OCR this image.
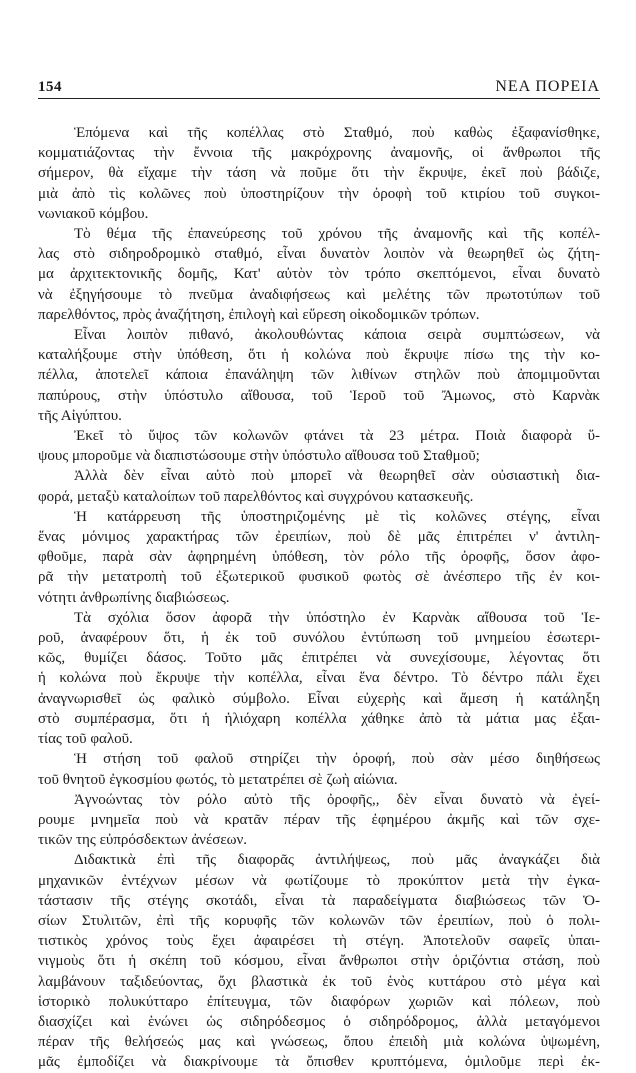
154	ΝΕΑ ΠΟΡΕΙΑ
Ἑπόμενα καὶ τῆς κοπέλλας στὸ Σταθμό, ποὺ καθὼς ἐξαφανίσθηκε,
κομματιάζοντας τὴν ἔννοια τῆς μακρόχρονης ἀναμονῆς, οἱ ἄνθρωποι τῆς
σήμερον, θὰ εἴχαμε τὴν τάση νὰ ποῦμε ὅτι τὴν ἔκρυψε, ἐκεῖ ποὺ βάδιζε,
μιὰ ἀπὸ τὶς κολῶνες ποὺ ὑποστηρίζουν τὴν ὀροφὴ τοῦ κτιρίου τοῦ συγκοι-
νωνιακοῦ κόμβου.
Τὸ θέμα τῆς ἐπανεύρεσης τοῦ χρόνου τῆς ἀναμονῆς καὶ τῆς κοπέλ-
λας στὸ σιδηροδρομικὸ σταθμό, εἶναι δυνατὸν λοιπὸν νὰ θεωρηθεῖ ὡς ζήτη-
μα ἀρχιτεκτονικῆς δομῆς, Κατ' αὐτὸν τὸν τρόπο σκεπτόμενοι, εἶναι δυνατὸ
νὰ ἐξηγήσουμε τὸ πνεῦμα ἀναδιφήσεως καὶ μελέτης τῶν πρωτοτύπων τοῦ
παρελθόντος, πρὸς ἀναζήτηση, ἐπιλογὴ καὶ εὕρεση οἰκοδομικῶν τρόπων.
Εἶναι λοιπὸν πιθανό, ἀκολουθώντας κάποια σειρὰ συμπτώσεων, νὰ
καταλήξουμε στὴν ὑπόθεση, ὅτι ἡ κολώνα ποὺ ἔκρυψε πίσω της τὴν κο-
πέλλα, ἀποτελεῖ κάποια ἐπανάληψη τῶν λιθίνων στηλῶν ποὺ ἀπομιμοῦνται
παπύρους, στὴν ὑπόστυλο αἴθουσα, τοῦ Ἱεροῦ τοῦ Ἄμωνος, στὸ Καρνὰκ
τῆς Αἰγύπτου.
Ἐκεῖ τὸ ὕψος τῶν κολωνῶν φτάνει τὰ 23 μέτρα. Ποιὰ διαφορὰ ὕ-
ψους μποροῦμε νὰ διαπιστώσουμε στὴν ὑπόστυλο αἴθουσα τοῦ Σταθμοῦ;
Ἀλλὰ δὲν εἶναι αὐτὸ ποὺ μπορεῖ νὰ θεωρηθεῖ σὰν οὐσιαστικὴ δια-
φορά, μεταξὺ καταλοίπων τοῦ παρελθόντος καὶ συγχρόνου κατασκευῆς.
Ἡ κατάρρευση τῆς ὑποστηριζομένης μὲ τὶς κολῶνες στέγης, εἶναι
ἕνας μόνιμος χαρακτήρας τῶν ἐρειπίων, ποὺ δὲ μᾶς ἐπιτρέπει ν' ἀντιλη-
φθοῦμε, παρὰ σὰν ἀφηρημένη ὑπόθεση, τὸν ρόλο τῆς ὀροφῆς, ὅσον ἀφο-
ρᾶ τὴν μετατροπὴ τοῦ ἐξωτερικοῦ φυσικοῦ φωτὸς σὲ ἀνέσπερο τῆς ἐν κοι-
νότητι ἀνθρωπίνης διαβιώσεως.
Τὰ σχόλια ὅσον ἀφορᾶ τὴν ὑπόστηλο ἐν Καρνὰκ αἴθουσα τοῦ Ἱε-
ροῦ, ἀναφέρουν ὅτι, ἡ ἐκ τοῦ συνόλου ἐντύπωση τοῦ μνημείου ἐσωτερι-
κῶς, θυμίζει δάσος. Τοῦτο μᾶς ἐπιτρέπει νὰ συνεχίσουμε, λέγοντας ὅτι
ἡ κολώνα ποὺ ἔκρυψε τὴν κοπέλλα, εἶναι ἕνα δέντρο. Τὸ δέντρο πάλι ἔχει
ἀναγνωρισθεῖ ὡς φαλικὸ σύμβολο. Εἶναι εὐχερὴς καὶ ἄμεση ἡ κατάληξη
στὸ συμπέρασμα, ὅτι ἡ ἡλιόχαρη κοπέλλα χάθηκε ἀπὸ τὰ μάτια μας ἐξαι-
τίας τοῦ φαλοῦ.
Ἡ στήση τοῦ φαλοῦ στηρίζει τὴν ὀροφή, ποὺ σὰν μέσο διηθήσεως
τοῦ θνητοῦ ἐγκοσμίου φωτός, τὸ μετατρέπει σὲ ζωὴ αἰώνια.
Ἀγνοώντας τὸν ρόλο αὐτὸ τῆς ὀροφῆς,, δὲν εἶναι δυνατὸ νὰ ἐγεί-
ρουμε μνημεῖα ποὺ νὰ κρατᾶν πέραν τῆς ἐφημέρου ἀκμῆς καὶ τῶν σχε-
τικῶν της εὐπρόσδεκτων ἀνέσεων.
Διδακτικὰ ἐπὶ τῆς διαφορᾶς ἀντιλήψεως, ποὺ μᾶς ἀναγκάζει διὰ
μηχανικῶν ἐντέχνων μέσων νὰ φωτίζουμε τὸ προκύπτον μετὰ τὴν ἐγκα-
τάστασιν τῆς στέγης σκοτάδι, εἶναι τὰ παραδείγματα διαβιώσεως τῶν Ὁ-
σίων Στυλιτῶν, ἐπὶ τῆς κορυφῆς τῶν κολωνῶν τῶν ἐρειπίων, ποὺ ὁ πολι-
τιστικὸς χρόνος τοὺς ἔχει ἀφαιρέσει τὴ στέγη. Ἀποτελοῦν σαφεῖς ὑπαι-
νιγμοὺς ὅτι ἡ σκέπη τοῦ κόσμου, εἶναι ἄνθρωποι στὴν ὁριζόντια στάση, ποὺ
λαμβάνουν ταξιδεύοντας, ὄχι βλαστικὰ ἐκ τοῦ ἑνὸς κυττάρου στὸ μέγα καὶ
ἱστορικὸ πολυκύτταρο ἐπίτευγμα, τῶν διαφόρων χωριῶν καὶ πόλεων, ποὺ
διασχίζει καὶ ἑνώνει ὡς σιδηρόδεσμος ὁ σιδηρόδρομος, ἀλλὰ μεταγόμενοι
πέραν τῆς θελήσεώς μας καὶ γνώσεως, ὅπου ἐπειδὴ μιὰ κολώνα ὑψωμένη,
μᾶς ἐμποδίζει νὰ διακρίνουμε τὰ ὄπισθεν κρυπτόμενα, ὁμιλοῦμε περὶ ἐκ-
